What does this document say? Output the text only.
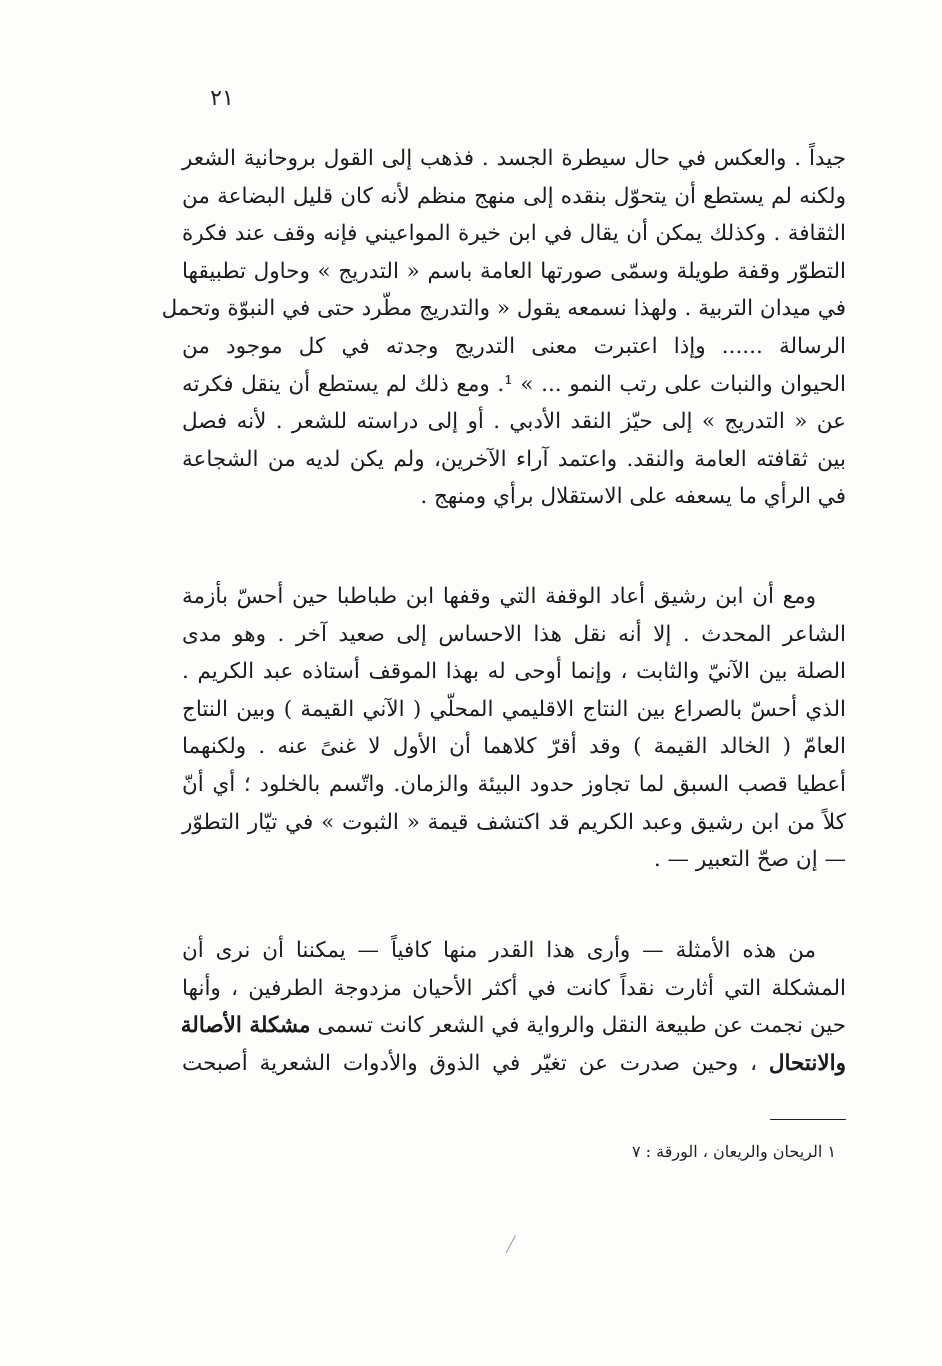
٢١
جيداً . والعكس في حال سيطرة الجسد . فذهب إلى القول بروحانية الشعر
ولكنه لم يستطع أن يتحوّل بنقده إلى منهج منظم لأنه كان قليل البضاعة من
الثقافة . وكذلك يمكن أن يقال في ابن خيرة المواعيني فإنه وقف عند فكرة
التطوّر وقفة طويلة وسمّى صورتها العامة باسم « التدريج » وحاول تطبيقها
في ميدان التربية . ولهذا نسمعه يقول « والتدريج مطّرد حتى في النبوّة وتحمل
الرسالة ...... وإذا اعتبرت معنى التدريج وجدته في كل موجود من
الحيوان والنبات على رتب النمو ... » ¹. ومع ذلك لم يستطع أن ينقل فكرته
عن « التدريج » إلى حيّز النقد الأدبي . أو إلى دراسته للشعر . لأنه فصل
بين ثقافته العامة والنقد. واعتمد آراء الآخرين، ولم يكن لديه من الشجاعة
في الرأي ما يسعفه على الاستقلال برأي ومنهج .
ومع أن ابن رشيق أعاد الوقفة التي وقفها ابن طباطبا حين أحسّ بأزمة
الشاعر المحدث . إلا أنه نقل هذا الاحساس إلى صعيد آخر . وهو مدى
الصلة بين الآنيّ والثابت ، وإنما أوحى له بهذا الموقف أستاذه عبد الكريم .
الذي أحسّ بالصراع بين النتاج الاقليمي المحلّي ( الآني القيمة ) وبين النتاج
العامّ ( الخالد القيمة ) وقد أقرّ كلاهما أن الأول لا غنىً عنه . ولكنهما
أعطيا قصب السبق لما تجاوز حدود البيئة والزمان. واتّسم بالخلود ؛ أي أنّ
كلاً من ابن رشيق وعبد الكريم قد اكتشف قيمة « الثبوت » في تيّار التطوّر
— إن صحّ التعبير — .
من هذه الأمثلة — وأرى هذا القدر منها كافياً — يمكننا أن نرى أن
المشكلة التي أثارت نقداً كانت في أكثر الأحيان مزدوجة الطرفين ، وأنها
حين نجمت عن طبيعة النقل والرواية في الشعر كانت تسمى مشكلة الأصالة
والانتحال ، وحين صدرت عن تغيّر في الذوق والأدوات الشعرية أصبحت
١ الريحان والريعان ، الورقة : ٧
